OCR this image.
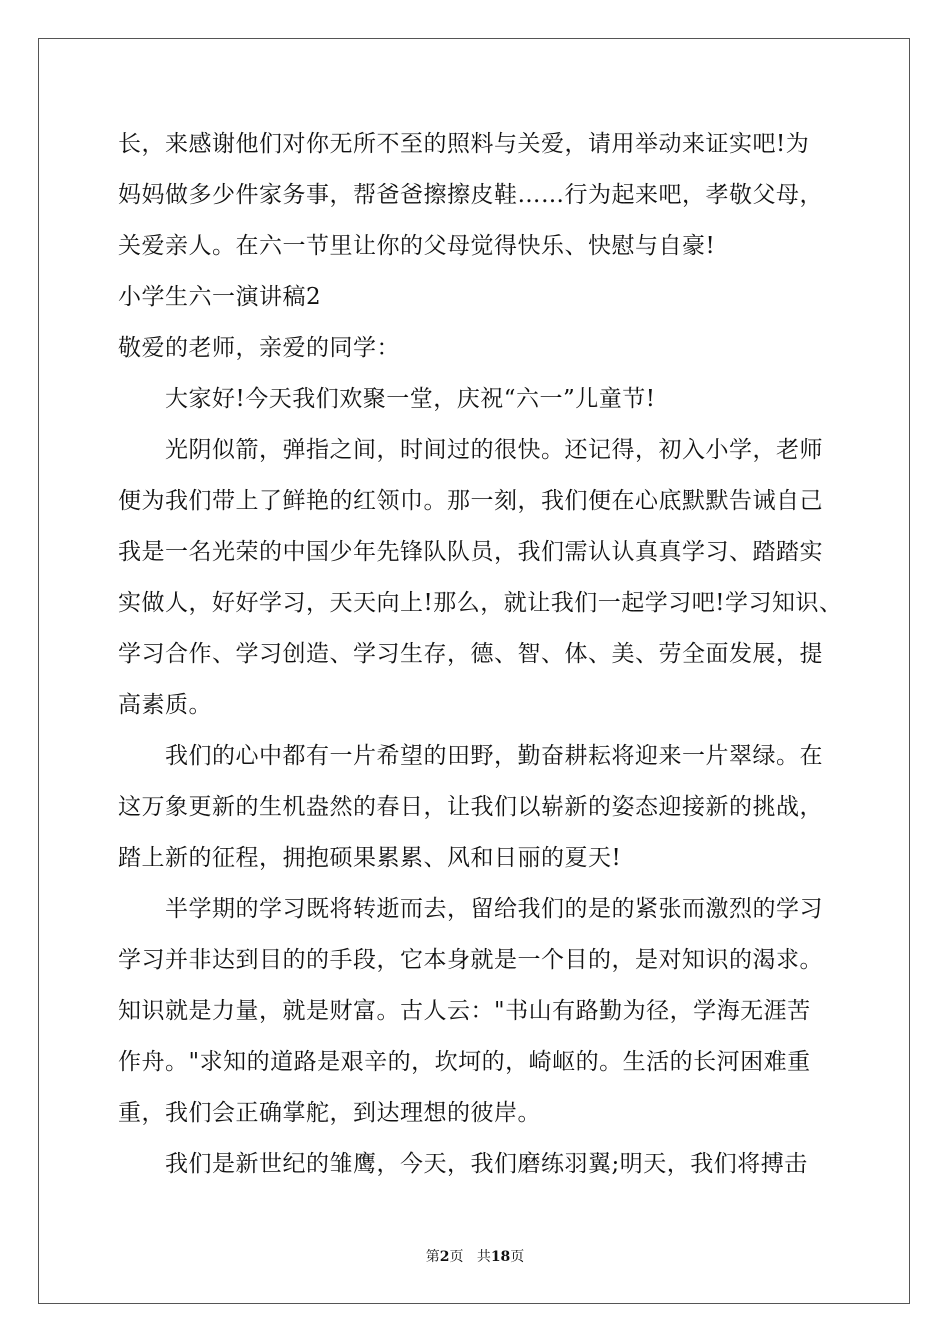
长，来感谢他们对你无所不至的照料与关爱，请用举动来证实吧!为
妈妈做多少件家务事，帮爸爸擦擦皮鞋……行为起来吧，孝敬父母，
关爱亲人。在六一节里让你的父母觉得快乐、快慰与自豪!
小学生六一演讲稿2
敬爱的老师，亲爱的同学：
大家好!今天我们欢聚一堂，庆祝“六一”儿童节!
光阴似箭，弹指之间，时间过的很快。还记得，初入小学，老师
便为我们带上了鲜艳的红领巾。那一刻，我们便在心底默默告诫自己
我是一名光荣的中国少年先锋队队员，我们需认认真真学习、踏踏实
实做人，好好学习，天天向上!那么，就让我们一起学习吧!学习知识、
学习合作、学习创造、学习生存，德、智、体、美、劳全面发展，提
高素质。
我们的心中都有一片希望的田野，勤奋耕耘将迎来一片翠绿。在
这万象更新的生机盎然的春日，让我们以崭新的姿态迎接新的挑战，
踏上新的征程，拥抱硕果累累、风和日丽的夏天!
半学期的学习既将转逝而去，留给我们的是的紧张而激烈的学习
学习并非达到目的的手段，它本身就是一个目的，是对知识的渴求。
知识就是力量，就是财富。古人云："书山有路勤为径，学海无涯苦
作舟。"求知的道路是艰辛的，坎坷的，崎岖的。生活的长河困难重
重，我们会正确掌舵，到达理想的彼岸。
我们是新世纪的雏鹰，今天，我们磨练羽翼;明天，我们将搏击
第2页 共18页
